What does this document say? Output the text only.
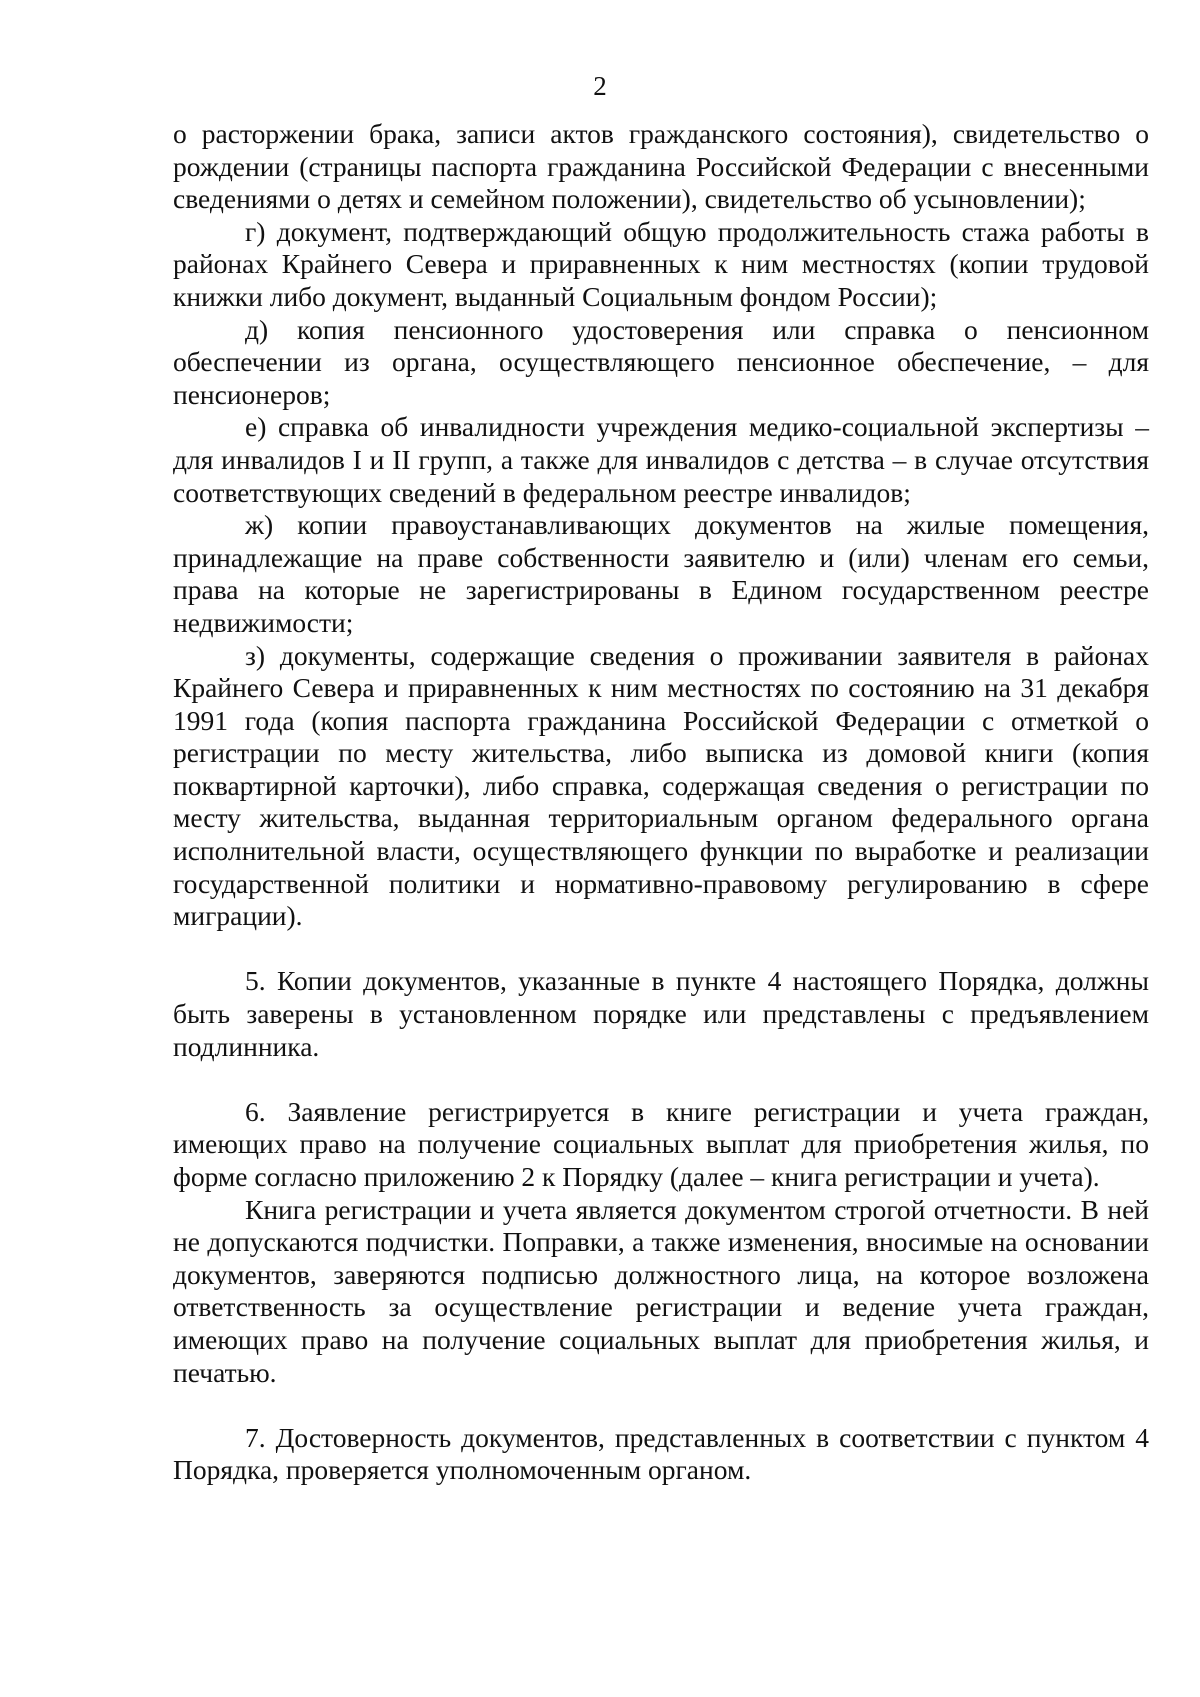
2

о расторжении брака, записи актов гражданского состояния), свидетельство о рождении (страницы паспорта гражданина Российской Федерации с внесенными сведениями о детях и семейном положении), свидетельство об усыновлении);

г) документ, подтверждающий общую продолжительность стажа работы в районах Крайнего Севера и приравненных к ним местностях (копии трудовой книжки либо документ, выданный Социальным фондом России);

д) копия пенсионного удостоверения или справка о пенсионном обеспечении из органа, осуществляющего пенсионное обеспечение, – для пенсионеров;

е) справка об инвалидности учреждения медико-социальной экспертизы – для инвалидов I и II групп, а также для инвалидов с детства – в случае отсутствия соответствующих сведений в федеральном реестре инвалидов;

ж) копии правоустанавливающих документов на жилые помещения, принадлежащие на праве собственности заявителю и (или) членам его семьи, права на которые не зарегистрированы в Едином государственном реестре недвижимости;

з) документы, содержащие сведения о проживании заявителя в районах Крайнего Севера и приравненных к ним местностях по состоянию на 31 декабря 1991 года (копия паспорта гражданина Российской Федерации с отметкой о регистрации по месту жительства, либо выписка из домовой книги (копия поквартирной карточки), либо справка, содержащая сведения о регистрации по месту жительства, выданная территориальным органом федерального органа исполнительной власти, осуществляющего функции по выработке и реализации государственной политики и нормативно-правовому регулированию в сфере миграции).

5. Копии документов, указанные в пункте 4 настоящего Порядка, должны быть заверены в установленном порядке или представлены с предъявлением подлинника.

6. Заявление регистрируется в книге регистрации и учета граждан, имеющих право на получение социальных выплат для приобретения жилья, по форме согласно приложению 2 к Порядку (далее – книга регистрации и учета).

Книга регистрации и учета является документом строгой отчетности. В ней не допускаются подчистки. Поправки, а также изменения, вносимые на основании документов, заверяются подписью должностного лица, на которое возложена ответственность за осуществление регистрации и ведение учета граждан, имеющих право на получение социальных выплат для приобретения жилья, и печатью.

7. Достоверность документов, представленных в соответствии с пунктом 4 Порядка, проверяется уполномоченным органом.
